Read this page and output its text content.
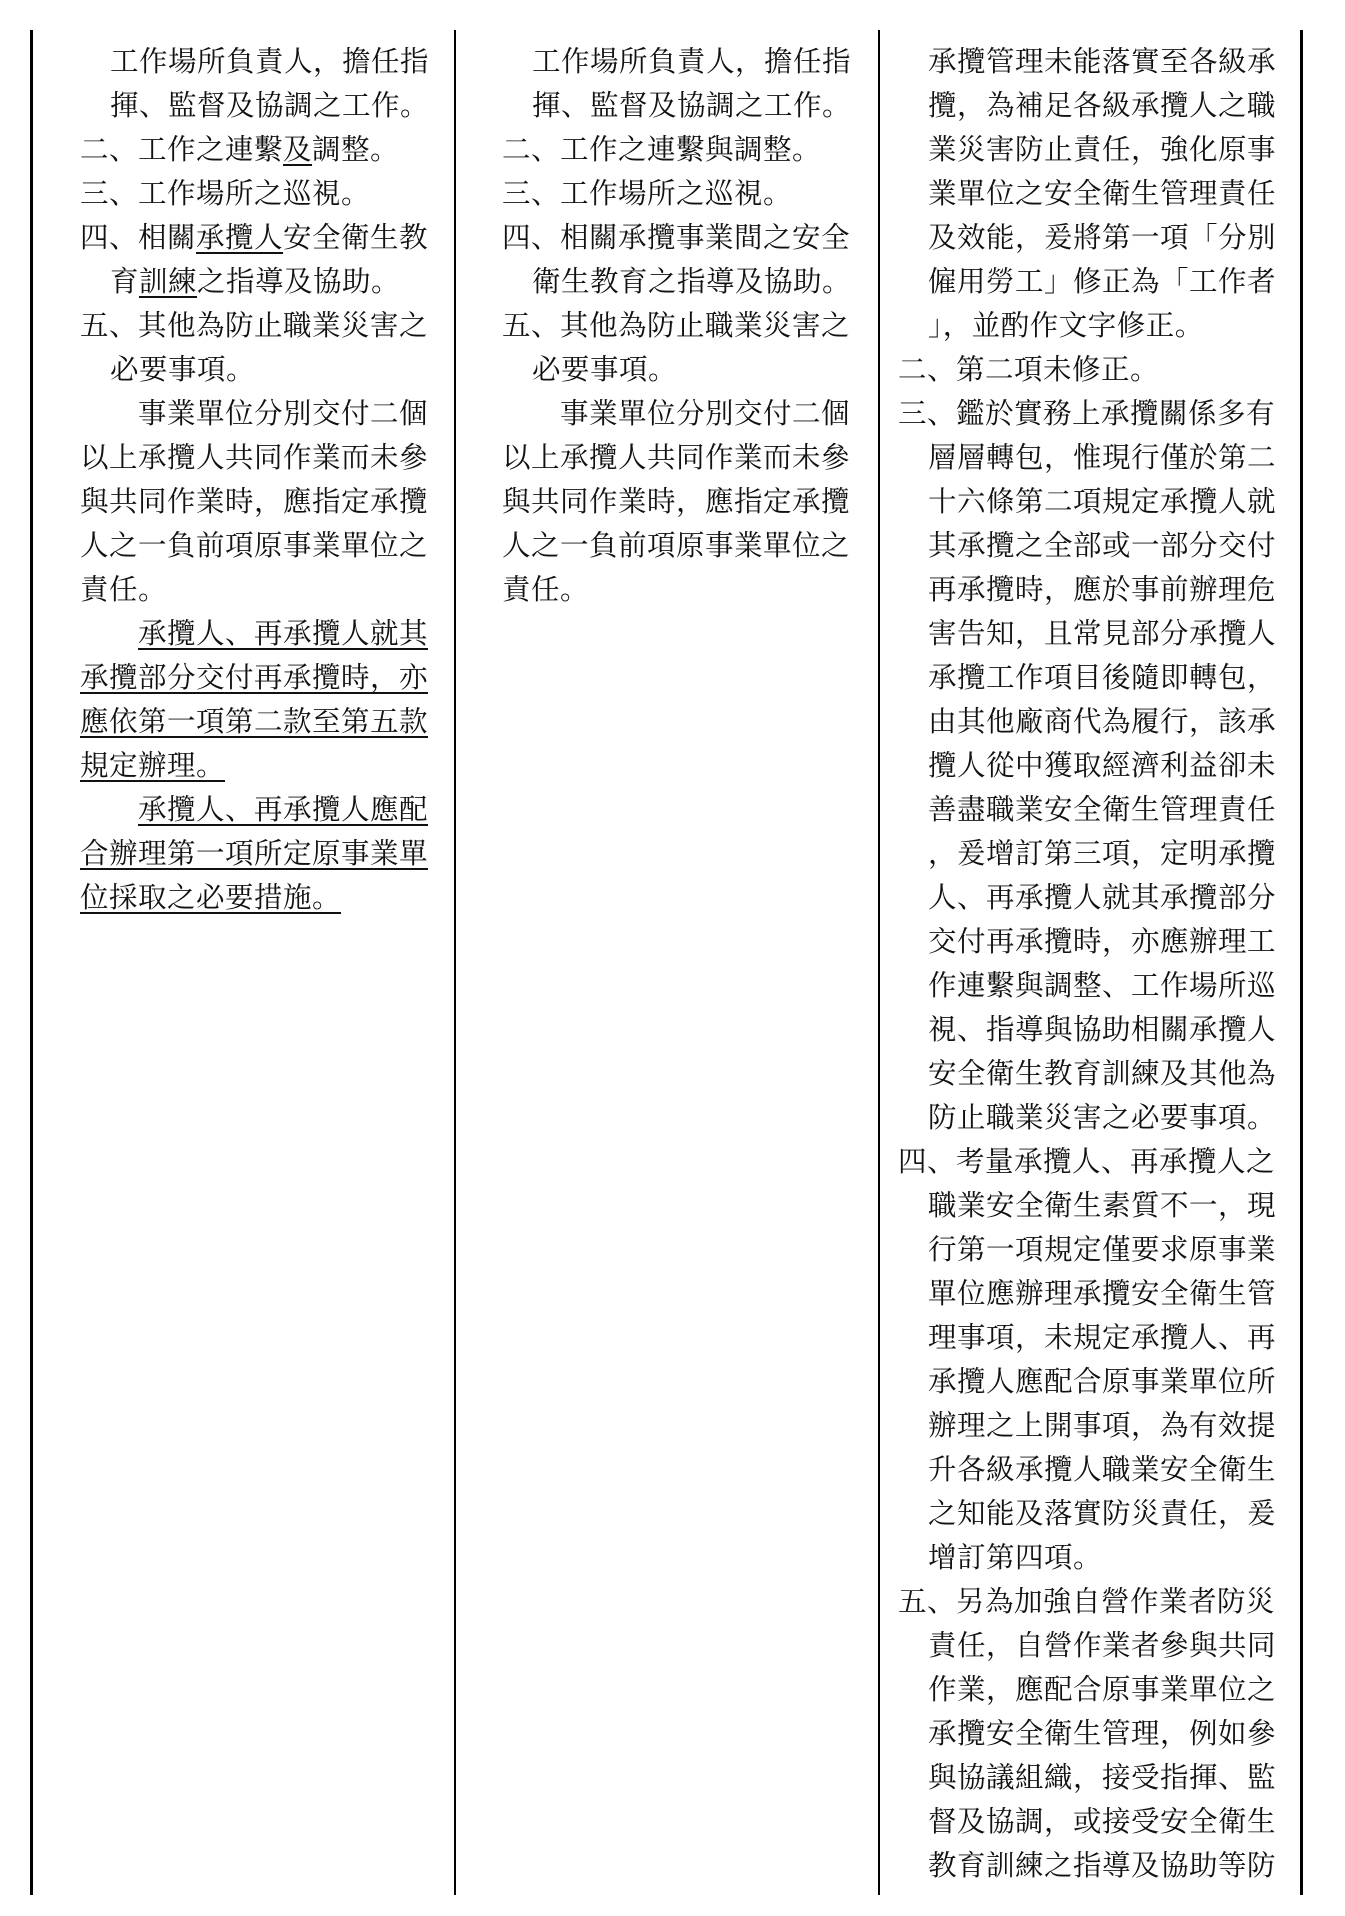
工作場所負責人，擔任指
揮、監督及協調之工作。
二、工作之連繫及調整。
三、工作場所之巡視。
四、相關承攬人安全衛生教
育訓練之指導及協助。
五、其他為防止職業災害之
必要事項。
事業單位分別交付二個
以上承攬人共同作業而未參
與共同作業時，應指定承攬
人之一負前項原事業單位之
責任。
承攬人、再承攬人就其
承攬部分交付再承攬時，亦
應依第一項第二款至第五款
規定辦理。
承攬人、再承攬人應配
合辦理第一項所定原事業單
位採取之必要措施。
工作場所負責人，擔任指
揮、監督及協調之工作。
二、工作之連繫與調整。
三、工作場所之巡視。
四、相關承攬事業間之安全
衛生教育之指導及協助。
五、其他為防止職業災害之
必要事項。
事業單位分別交付二個
以上承攬人共同作業而未參
與共同作業時，應指定承攬
人之一負前項原事業單位之
責任。
承攬管理未能落實至各級承
攬，為補足各級承攬人之職
業災害防止責任，強化原事
業單位之安全衛生管理責任
及效能，爰將第一項「分別
僱用勞工」修正為「工作者
」，並酌作文字修正。
二、第二項未修正。
三、鑑於實務上承攬關係多有
層層轉包，惟現行僅於第二
十六條第二項規定承攬人就
其承攬之全部或一部分交付
再承攬時，應於事前辦理危
害告知，且常見部分承攬人
承攬工作項目後隨即轉包，
由其他廠商代為履行，該承
攬人從中獲取經濟利益卻未
善盡職業安全衛生管理責任
，爰增訂第三項，定明承攬
人、再承攬人就其承攬部分
交付再承攬時，亦應辦理工
作連繫與調整、工作場所巡
視、指導與協助相關承攬人
安全衛生教育訓練及其他為
防止職業災害之必要事項。
四、考量承攬人、再承攬人之
職業安全衛生素質不一，現
行第一項規定僅要求原事業
單位應辦理承攬安全衛生管
理事項，未規定承攬人、再
承攬人應配合原事業單位所
辦理之上開事項，為有效提
升各級承攬人職業安全衛生
之知能及落實防災責任，爰
增訂第四項。
五、另為加強自營作業者防災
責任，自營作業者參與共同
作業，應配合原事業單位之
承攬安全衛生管理，例如參
與協議組織，接受指揮、監
督及協調，或接受安全衛生
教育訓練之指導及協助等防
